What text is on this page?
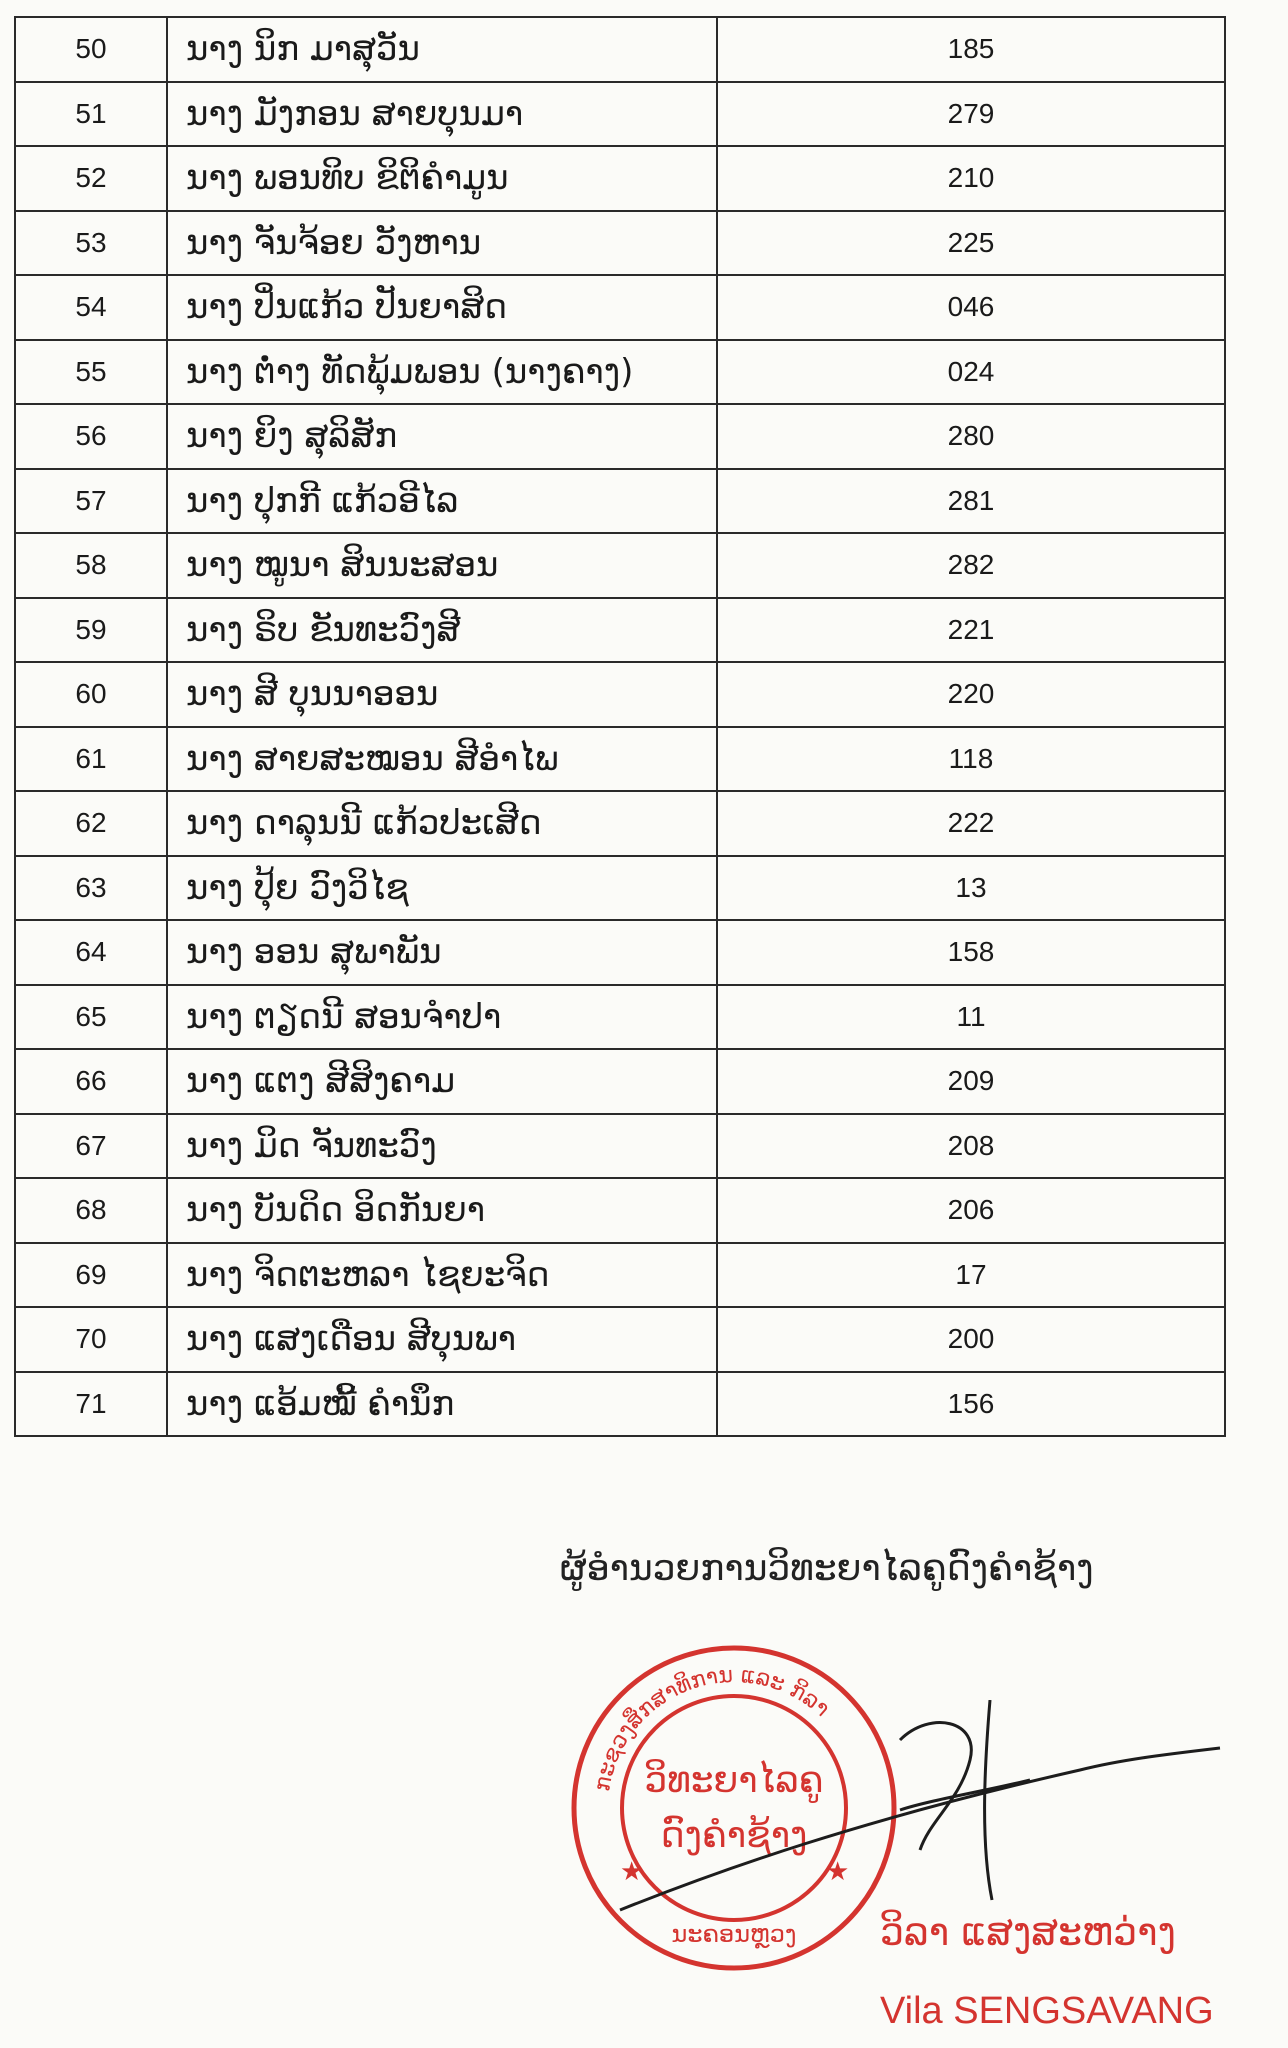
50	ນາງ ນິກ ມາສຸວັນ	185
51	ນາງ ມັງກອນ ສາຍບຸນມາ	279
52	ນາງ ພອນທິບ ຂິຕິຄໍາມູນ	210
53	ນາງ ຈັນຈ້ອຍ ວັງຫານ	225
54	ນາງ ປິ່ນແກ້ວ ປັນຍາສິດ	046
55	ນາງ ຕ່ຳງ ທັດພຸ້ມພອນ (ນາງຄາງ)	024
56	ນາງ ຍິງ ສຸລິສັກ	280
57	ນາງ ປຸກກີ ແກ້ວອີໄລ	281
58	ນາງ ໝູນາ ສິນນະສອນ	282
59	ນາງ ຣິບ ຂັນທະວົງສີ	221
60	ນາງ ສີ ບຸນນາອອນ	220
61	ນາງ ສາຍສະໝອນ ສີອໍາໄພ	118
62	ນາງ ດາລຸນນີ ແກ້ວປະເສີດ	222
63	ນາງ ປຸ້ຍ ວົງວິໄຊ	13
64	ນາງ ອອນ ສຸພາພັນ	158
65	ນາງ ຕຽດນີ ສອນຈໍາປາ	11
66	ນາງ ແຕງ ສີສິງຄາມ	209
67	ນາງ ມິດ ຈັນທະວົງ	208
68	ນາງ ບັນດິດ ອິດກັນຍາ	206
69	ນາງ ຈິດຕະຫລາ ໄຊຍະຈິດ	17
70	ນາງ ແສງເດືອນ ສີບຸນພາ	200
71	ນາງ ແອ້ມໝີ້ ຄໍານຶກ	156
ຜູ້ອໍານວຍການວິທະຍາໄລຄູດົງຄໍາຊ້າງ
ກະຊວງສຶກສາທິການ ແລະ ກິລາ
ວິທະຍາໄລຄູ
ດົງຄໍາຊ້າງ
ນະຄອນຫຼວງ
★	★
ວິລາ ແສງສະຫວ່າງ
Vila SENGSAVANG
